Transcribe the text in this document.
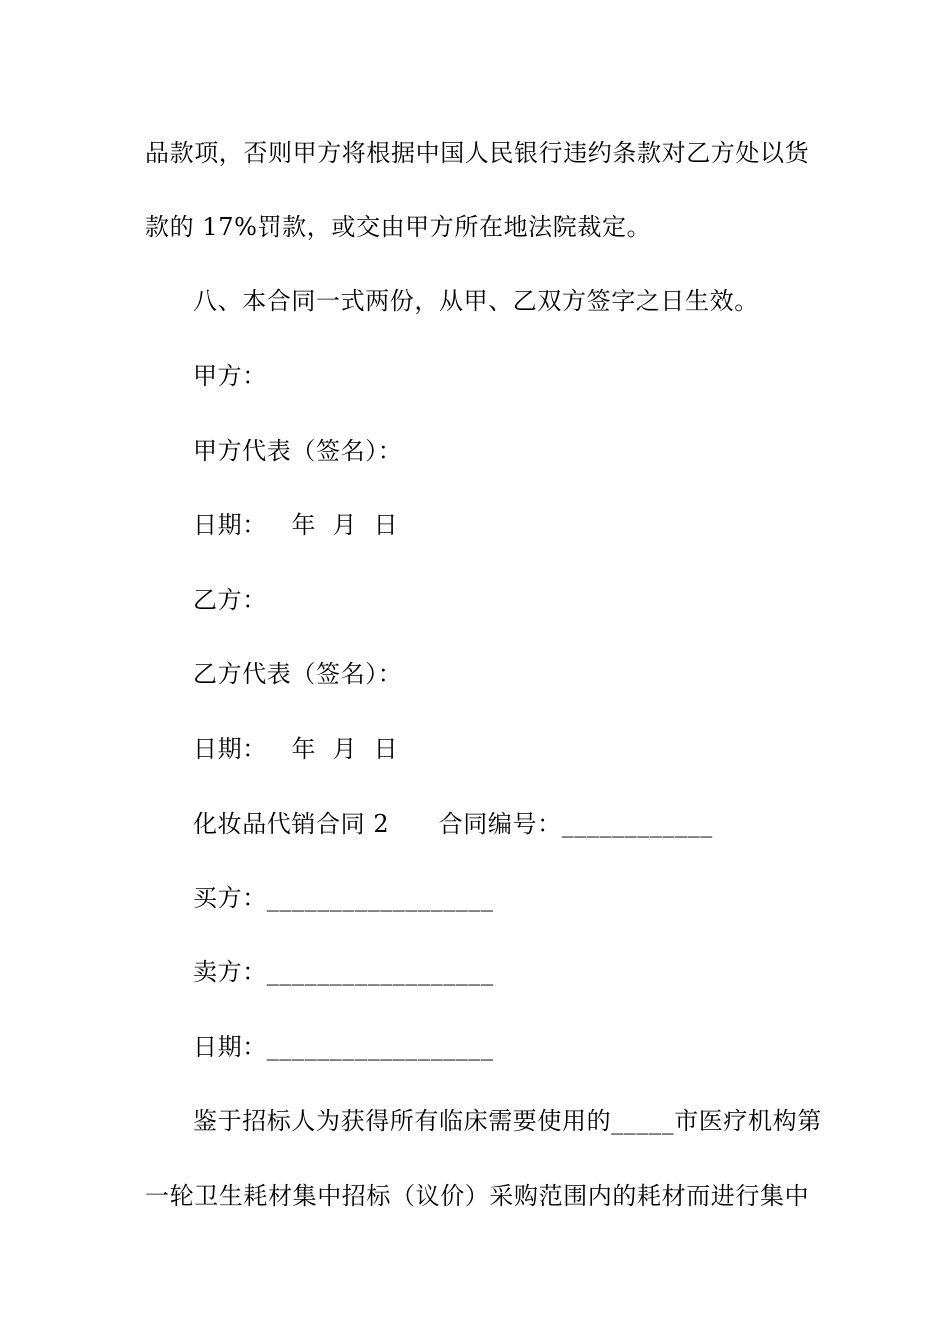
品款项，否则甲方将根据中国人民银行违约条款对乙方处以货
款的 17%罚款，或交由甲方所在地法院裁定。
八、本合同一式两份，从甲、乙双方签字之日生效。
甲方：
甲方代表（签名）：
日期：   年  月  日
乙方：
乙方代表（签名）：
日期：   年  月  日
化妆品代销合同 2      合同编号：____________
买方：__________________
卖方：__________________
日期：__________________
鉴于招标人为获得所有临床需要使用的_____市医疗机构第
一轮卫生耗材集中招标（议价）采购范围内的耗材而进行集中
